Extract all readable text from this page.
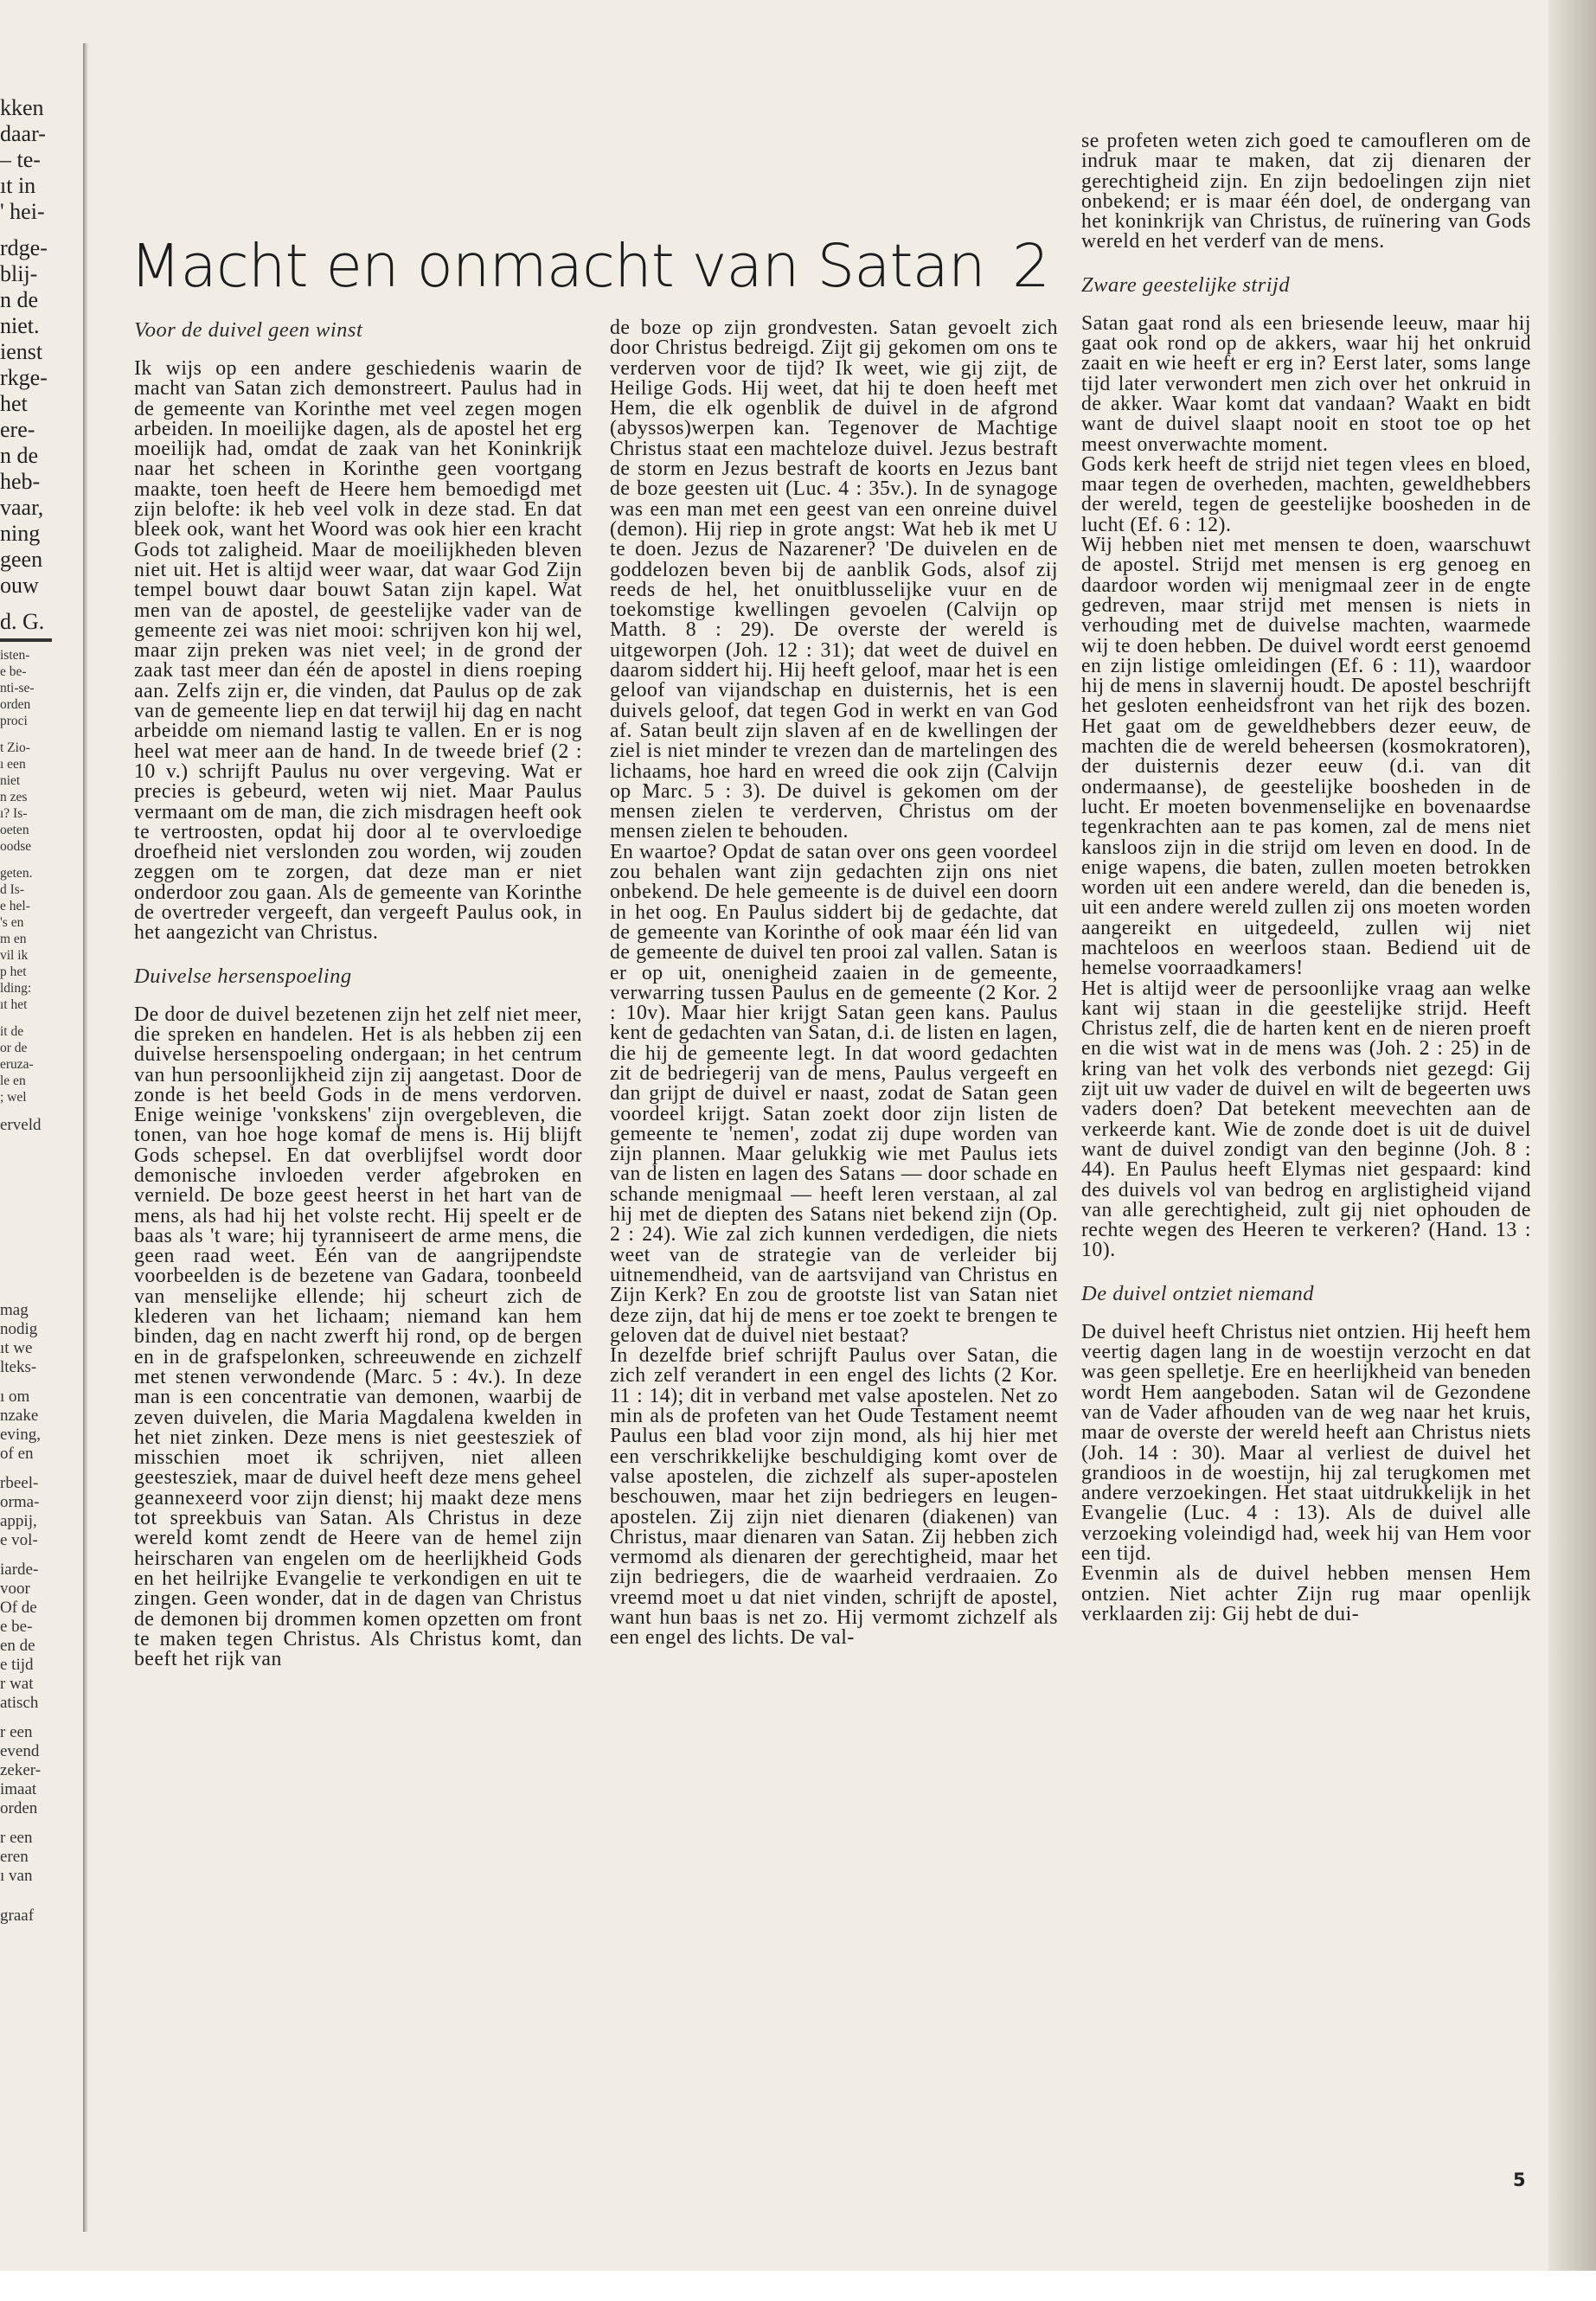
kken
daar-
– te-
ıt in
' hei-
rdge-
blij-
n de
niet.
ienst
rkge-
het
ere-
n de
heb-
vaar,
ning
geen
ouw
d. G.
isten-
e be-
nti-se-
orden
proci
t Zio-
ı een
niet
n zes
ı? Is-
oeten
oodse
geten.
d Is-
e hel-
's en
m en
vil ik
p het
lding:
ıt het
it de
or de
eruza-
le en
; wel
erveld
mag
nodig
ıt we
lteks-
ı om
nzake
eving,
of en
rbeel-
orma-
appij,
e vol-
iarde-
voor
Of de
e be-
en de
e tijd
r wat
atisch
r een
evend
zeker-
imaat
orden
r een
eren
ı van
graaf
Macht en onmacht van Satan 2
Voor de duivel geen winst

Ik wijs op een andere geschiedenis waarin de macht van Satan zich demonstreert. Paulus had in de gemeente van Korinthe met veel zegen mogen arbeiden. In moeilijke dagen, als de apostel het erg moeilijk had, omdat de zaak van het Koninkrijk naar het scheen in Korinthe geen voortgang maakte, toen heeft de Heere hem bemoedigd met zijn belofte: ik heb veel volk in deze stad. En dat bleek ook, want het Woord was ook hier een kracht Gods tot zaligheid. Maar de moeilijkheden bleven niet uit. Het is altijd weer waar, dat waar God Zijn tempel bouwt daar bouwt Satan zijn kapel. Wat men van de apostel, de geestelijke vader van de gemeente zei was niet mooi: schrijven kon hij wel, maar zijn preken was niet veel; in de grond der zaak tast meer dan één de apostel in diens roeping aan. Zelfs zijn er, die vinden, dat Paulus op de zak van de gemeente liep en dat terwijl hij dag en nacht arbeidde om niemand lastig te vallen. En er is nog heel wat meer aan de hand. In de tweede brief (2 : 10 v.) schrijft Paulus nu over vergeving. Wat er precies is gebeurd, weten wij niet. Maar Paulus vermaant om de man, die zich misdragen heeft ook te vertroosten, opdat hij door al te overvloedige droefheid niet verslonden zou worden, wij zouden zeggen om te zorgen, dat deze man er niet onderdoor zou gaan. Als de gemeente van Korinthe de overtreder vergeeft, dan vergeeft Paulus ook, in het aangezicht van Christus.

Duivelse hersenspoeling

De door de duivel bezetenen zijn het zelf niet meer, die spreken en handelen. Het is als hebben zij een duivelse hersenspoeling ondergaan; in het centrum van hun persoonlijkheid zijn zij aangetast. Door de zonde is het beeld Gods in de mens verdorven. Enige weinige 'vonkskens' zijn overgebleven, die tonen, van hoe hoge komaf de mens is. Hij blijft Gods schepsel. En dat overblijfsel wordt door demonische invloeden verder afgebroken en vernield. De boze geest heerst in het hart van de mens, als had hij het volste recht. Hij speelt er de baas als 't ware; hij tyranniseert de arme mens, die geen raad weet. Eén van de aangrijpendste voorbeelden is de bezetene van Gadara, toonbeeld van menselijke ellende; hij scheurt zich de klederen van het lichaam; niemand kan hem binden, dag en nacht zwerft hij rond, op de bergen en in de grafspelonken, schreeuwende en zichzelf met stenen verwondende (Marc. 5 : 4v.). In deze man is een concentratie van demonen, waarbij de zeven duivelen, die Maria Magdalena kwelden in het niet zinken. Deze mens is niet geestesziek of misschien moet ik schrijven, niet alleen geestesziek, maar de duivel heeft deze mens geheel geannexeerd voor zijn dienst; hij maakt deze mens tot spreekbuis van Satan. Als Christus in deze wereld komt zendt de Heere van de hemel zijn heirscharen van engelen om de heerlijkheid Gods en het heilrijke Evangelie te verkondigen en uit te zingen. Geen wonder, dat in de dagen van Christus de demonen bij drommen komen opzetten om front te maken tegen Christus. Als Christus komt, dan beeft het rijk van

de boze op zijn grondvesten. Satan gevoelt zich door Christus bedreigd. Zijt gij gekomen om ons te verderven voor de tijd? Ik weet, wie gij zijt, de Heilige Gods. Hij weet, dat hij te doen heeft met Hem, die elk ogenblik de duivel in de afgrond (abyssos)werpen kan. Tegenover de Machtige Christus staat een machteloze duivel. Jezus bestraft de storm en Jezus bestraft de koorts en Jezus bant de boze geesten uit (Luc. 4 : 35v.). In de synagoge was een man met een geest van een onreine duivel (demon). Hij riep in grote angst: Wat heb ik met U te doen. Jezus de Nazarener? 'De duivelen en de goddelozen beven bij de aanblik Gods, alsof zij reeds de hel, het onuitblusselijke vuur en de toekomstige kwellingen gevoelen (Calvijn op Matth. 8 : 29). De overste der wereld is uitgeworpen (Joh. 12 : 31); dat weet de duivel en daarom siddert hij. Hij heeft geloof, maar het is een geloof van vijandschap en duisternis, het is een duivels geloof, dat tegen God in werkt en van God af. Satan beult zijn slaven af en de kwellingen der ziel is niet minder te vrezen dan de martelingen des lichaams, hoe hard en wreed die ook zijn (Calvijn op Marc. 5 : 3). De duivel is gekomen om der mensen zielen te verderven, Christus om der mensen zielen te behouden.

En waartoe? Opdat de satan over ons geen voordeel zou behalen want zijn gedachten zijn ons niet onbekend. De hele gemeente is de duivel een doorn in het oog. En Paulus siddert bij de gedachte, dat de gemeente van Korinthe of ook maar één lid van de gemeente de duivel ten prooi zal vallen. Satan is er op uit, onenigheid zaaien in de gemeente, verwarring tussen Paulus en de gemeente (2 Kor. 2 : 10v). Maar hier krijgt Satan geen kans. Paulus kent de gedachten van Satan, d.i. de listen en lagen, die hij de gemeente legt. In dat woord gedachten zit de bedriegerij van de mens, Paulus vergeeft en dan grijpt de duivel er naast, zodat de Satan geen voordeel krijgt. Satan zoekt door zijn listen de gemeente te 'nemen', zodat zij dupe worden van zijn plannen. Maar gelukkig wie met Paulus iets van de listen en lagen des Satans — door schade en schande menigmaal — heeft leren verstaan, al zal hij met de diepten des Satans niet bekend zijn (Op. 2 : 24). Wie zal zich kunnen verdedigen, die niets weet van de strategie van de verleider bij uitnemendheid, van de aartsvijand van Christus en Zijn Kerk? En zou de grootste list van Satan niet deze zijn, dat hij de mens er toe zoekt te brengen te geloven dat de duivel niet bestaat?

In dezelfde brief schrijft Paulus over Satan, die zich zelf verandert in een engel des lichts (2 Kor. 11 : 14); dit in verband met valse apostelen. Net zo min als de profeten van het Oude Testament neemt Paulus een blad voor zijn mond, als hij hier met een verschrikkelijke beschuldiging komt over de valse apostelen, die zichzelf als super-apostelen beschouwen, maar het zijn bedriegers en leugen-apostelen. Zij zijn niet dienaren (diakenen) van Christus, maar dienaren van Satan. Zij hebben zich vermomd als dienaren der gerechtigheid, maar het zijn bedriegers, die de waarheid verdraaien. Zo vreemd moet u dat niet vinden, schrijft de apostel, want hun baas is net zo. Hij vermomt zichzelf als een engel des lichts. De val-

se profeten weten zich goed te camoufleren om de indruk maar te maken, dat zij dienaren der gerechtigheid zijn. En zijn bedoelingen zijn niet onbekend; er is maar één doel, de ondergang van het koninkrijk van Christus, de ruïnering van Gods wereld en het verderf van de mens.

Zware geestelijke strijd

Satan gaat rond als een briesende leeuw, maar hij gaat ook rond op de akkers, waar hij het onkruid zaait en wie heeft er erg in? Eerst later, soms lange tijd later verwondert men zich over het onkruid in de akker. Waar komt dat vandaan? Waakt en bidt want de duivel slaapt nooit en stoot toe op het meest onverwachte moment.

Gods kerk heeft de strijd niet tegen vlees en bloed, maar tegen de overheden, machten, geweldhebbers der wereld, tegen de geestelijke boosheden in de lucht (Ef. 6 : 12).

Wij hebben niet met mensen te doen, waarschuwt de apostel. Strijd met mensen is erg genoeg en daardoor worden wij menigmaal zeer in de engte gedreven, maar strijd met mensen is niets in verhouding met de duivelse machten, waarmede wij te doen hebben. De duivel wordt eerst genoemd en zijn listige omleidingen (Ef. 6 : 11), waardoor hij de mens in slavernij houdt. De apostel beschrijft het gesloten eenheidsfront van het rijk des bozen. Het gaat om de geweldhebbers dezer eeuw, de machten die de wereld beheersen (kosmokratoren), der duisternis dezer eeuw (d.i. van dit ondermaanse), de geestelijke boosheden in de lucht. Er moeten bovenmenselijke en bovenaardse tegenkrachten aan te pas komen, zal de mens niet kansloos zijn in die strijd om leven en dood. In de enige wapens, die baten, zullen moeten betrokken worden uit een andere wereld, dan die beneden is, uit een andere wereld zullen zij ons moeten worden aangereikt en uitgedeeld, zullen wij niet machteloos en weerloos staan. Bediend uit de hemelse voorraadkamers!

Het is altijd weer de persoonlijke vraag aan welke kant wij staan in die geestelijke strijd. Heeft Christus zelf, die de harten kent en de nieren proeft en die wist wat in de mens was (Joh. 2 : 25) in de kring van het volk des verbonds niet gezegd: Gij zijt uit uw vader de duivel en wilt de begeerten uws vaders doen? Dat betekent meevechten aan de verkeerde kant. Wie de zonde doet is uit de duivel want de duivel zondigt van den beginne (Joh. 8 : 44). En Paulus heeft Elymas niet gespaard: kind des duivels vol van bedrog en arglistigheid vijand van alle gerechtigheid, zult gij niet ophouden de rechte wegen des Heeren te verkeren? (Hand. 13 : 10).

De duivel ontziet niemand

De duivel heeft Christus niet ontzien. Hij heeft hem veertig dagen lang in de woestijn verzocht en dat was geen spelletje. Ere en heerlijkheid van beneden wordt Hem aangeboden. Satan wil de Gezondene van de Vader afhouden van de weg naar het kruis, maar de overste der wereld heeft aan Christus niets (Joh. 14 : 30). Maar al verliest de duivel het grandioos in de woestijn, hij zal terugkomen met andere verzoekingen. Het staat uitdrukkelijk in het Evangelie (Luc. 4 : 13). Als de duivel alle verzoeking voleindigd had, week hij van Hem voor een tijd.

Evenmin als de duivel hebben mensen Hem ontzien. Niet achter Zijn rug maar openlijk verklaarden zij: Gij hebt de dui-

5
